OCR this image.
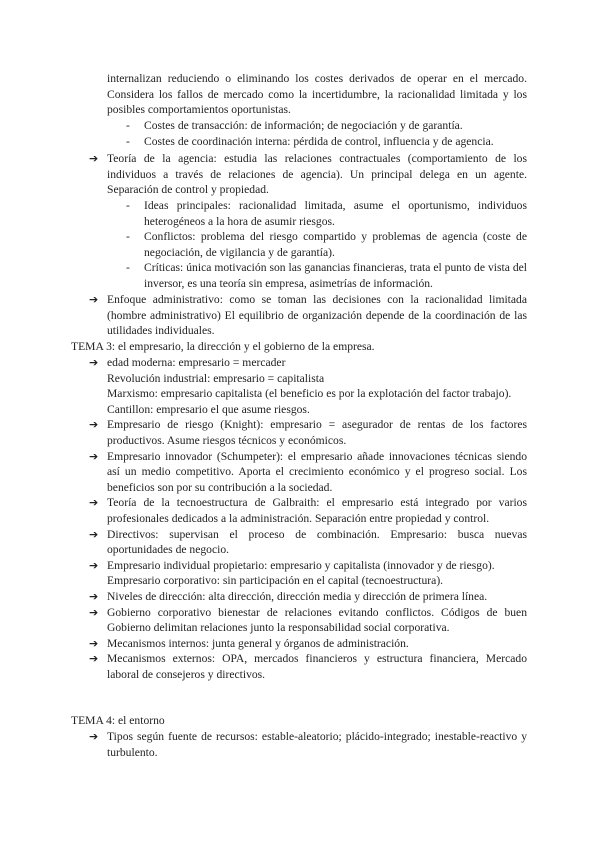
internalizan reduciendo o eliminando los costes derivados de operar en el mercado. Considera los fallos de mercado como la incertidumbre, la racionalidad limitada y los posibles comportamientos oportunistas.

-	Costes de transacción: de información; de negociación y de garantía.
-	Costes de coordinación interna: pérdida de control, influencia y de agencia.
➔ Teoría de la agencia: estudia las relaciones contractuales (comportamiento de los individuos a través de relaciones de agencia). Un principal delega en un agente. Separación de control y propiedad.
-	Ideas principales: racionalidad limitada, asume el oportunismo, individuos heterogéneos a la hora de asumir riesgos.
-	Conflictos: problema del riesgo compartido y problemas de agencia (coste de negociación, de vigilancia y de garantía).
-	Críticas: única motivación son las ganancias financieras, trata el punto de vista del inversor, es una teoría sin empresa, asimetrías de información.
➔ Enfoque administrativo: como se toman las decisiones con la racionalidad limitada (hombre administrativo) El equilibrio de organización depende de la coordinación de las utilidades individuales.
TEMA 3: el empresario, la dirección y el gobierno de la empresa.
➔ edad moderna: empresario = mercader
Revolución industrial: empresario = capitalista
Marxismo: empresario capitalista (el beneficio es por la explotación del factor trabajo).
Cantillon: empresario el que asume riesgos.
➔ Empresario de riesgo (Knight): empresario = asegurador de rentas de los factores productivos. Asume riesgos técnicos y económicos.
➔ Empresario innovador (Schumpeter): el empresario añade innovaciones técnicas siendo así un medio competitivo. Aporta el crecimiento económico y el progreso social. Los beneficios son por su contribución a la sociedad.
➔ Teoría de la tecnoestructura de Galbraith: el empresario está integrado por varios profesionales dedicados a la administración. Separación entre propiedad y control.
➔ Directivos: supervisan el proceso de combinación. Empresario: busca nuevas oportunidades de negocio.
➔ Empresario individual propietario: empresario y capitalista (innovador y de riesgo).
Empresario corporativo: sin participación en el capital (tecnoestructura).
➔ Niveles de dirección: alta dirección, dirección media y dirección de primera línea.
➔ Gobierno corporativo bienestar de relaciones evitando conflictos. Códigos de buen Gobierno delimitan relaciones junto la responsabilidad social corporativa.
➔ Mecanismos internos: junta general y órganos de administración.
➔ Mecanismos externos: OPA, mercados financieros y estructura financiera, Mercado laboral de consejeros y directivos.
TEMA 4: el entorno
➔ Tipos según fuente de recursos: estable-aleatorio; plácido-integrado; inestable-reactivo y turbulento.
